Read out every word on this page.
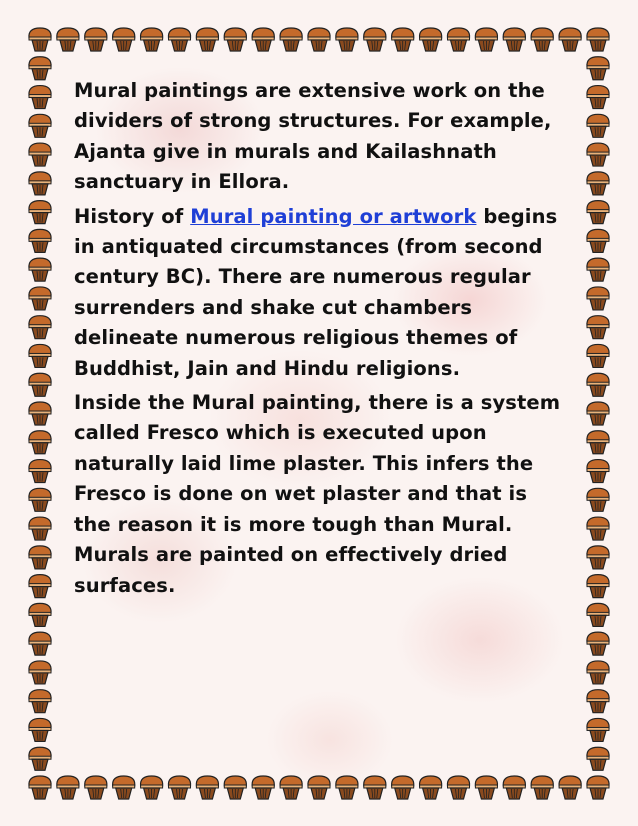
Mural paintings are extensive work on the dividers of strong structures. For example, Ajanta give in murals and Kailashnath sanctuary in Ellora.

History of Mural painting or artwork begins in antiquated circumstances (from second century BC). There are numerous regular surrenders and shake cut chambers delineate numerous religious themes of Buddhist, Jain and Hindu religions.

Inside the Mural painting, there is a system called Fresco which is executed upon naturally laid lime plaster. This infers the Fresco is done on wet plaster and that is the reason it is more tough than Mural. Murals are painted on effectively dried surfaces.
